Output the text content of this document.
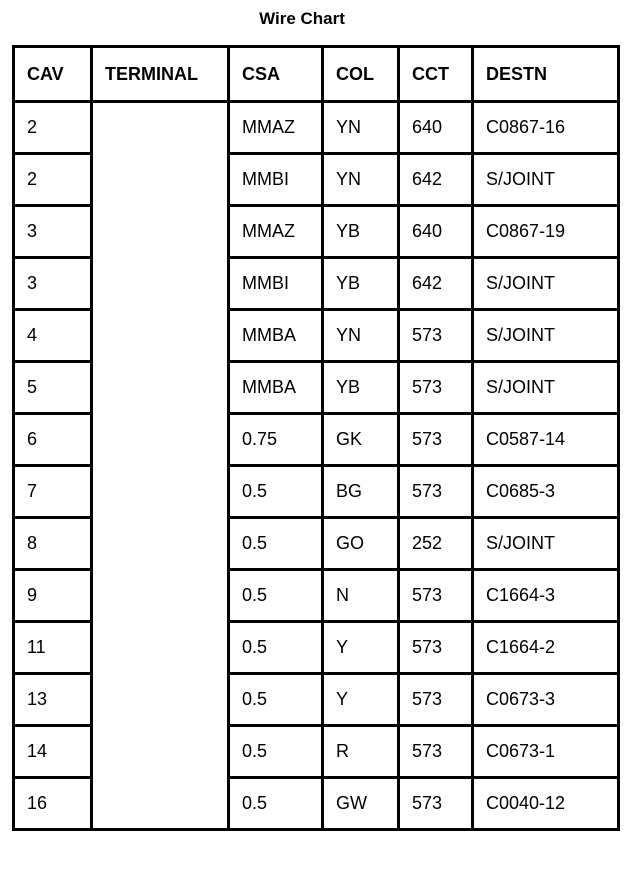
Wire Chart
CAV	TERMINAL	CSA	COL	CCT	DESTN
2		MMAZ	YN	640	C0867-16
2		MMBI	YN	642	S/JOINT
3		MMAZ	YB	640	C0867-19
3		MMBI	YB	642	S/JOINT
4		MMBA	YN	573	S/JOINT
5		MMBA	YB	573	S/JOINT
6		0.75	GK	573	C0587-14
7		0.5	BG	573	C0685-3
8		0.5	GO	252	S/JOINT
9		0.5	N	573	C1664-3
11		0.5	Y	573	C1664-2
13		0.5	Y	573	C0673-3
14		0.5	R	573	C0673-1
16		0.5	GW	573	C0040-12
